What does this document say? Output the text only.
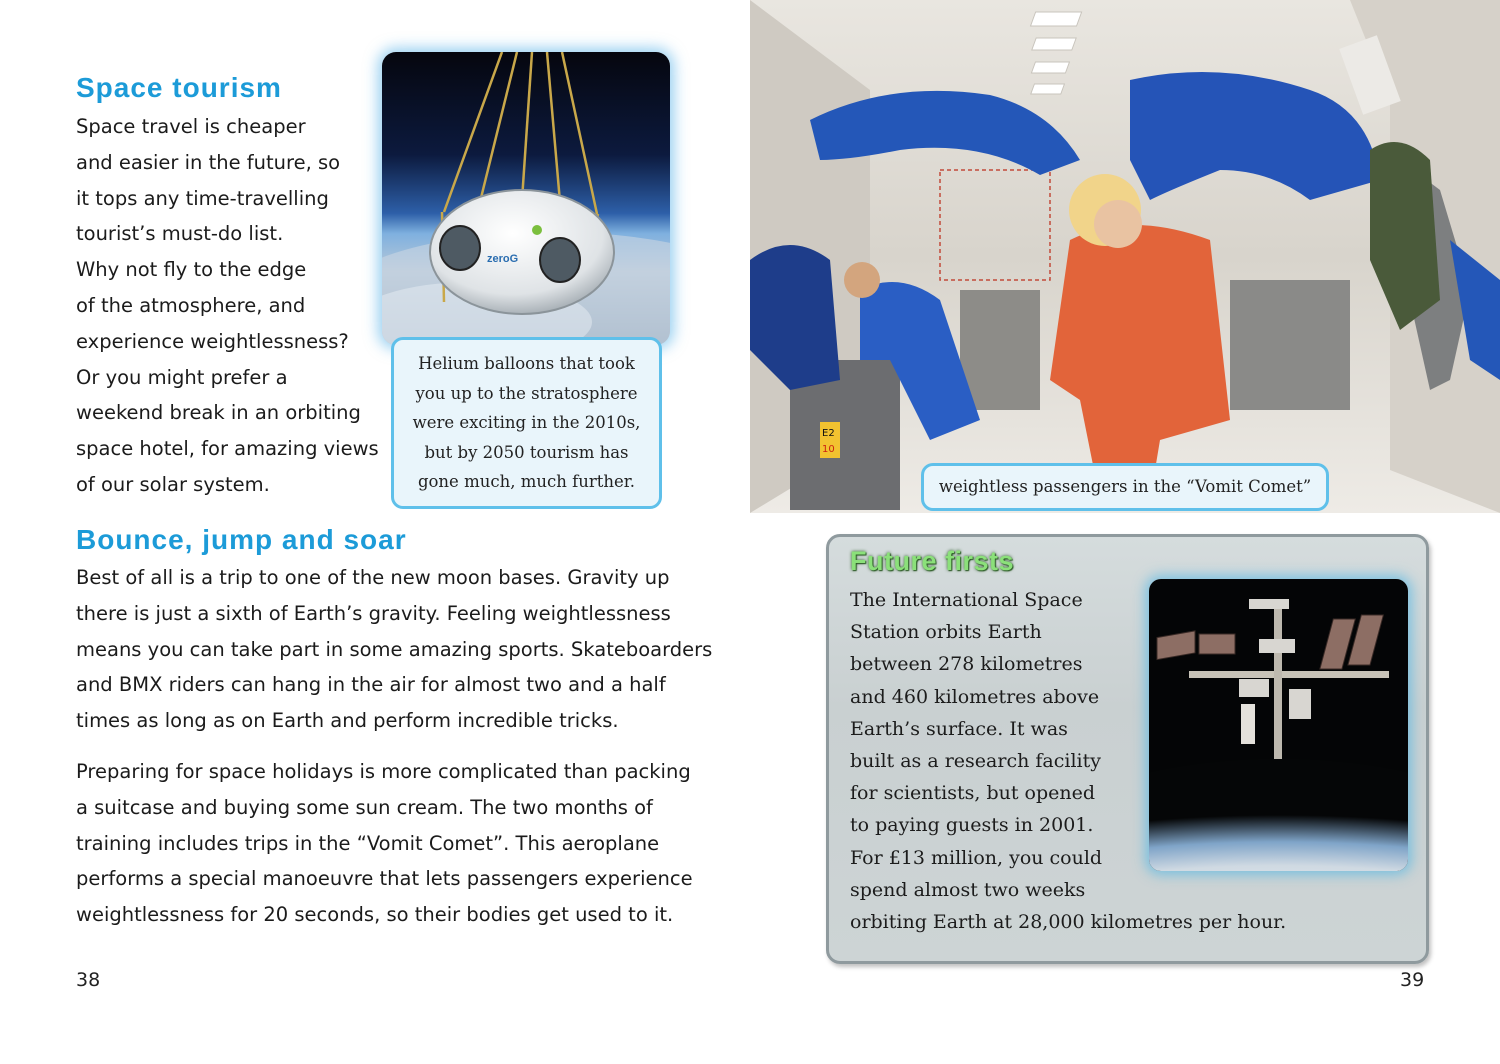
Space tourism
Space travel is cheaper
and easier in the future, so
it tops any time-travelling
tourist’s must-do list.
Why not fly to the edge
of the atmosphere, and
experience weightlessness?
Or you might prefer a
weekend break in an orbiting
space hotel, for amazing views
of our solar system.
zeroG
Helium balloons that took
you up to the stratosphere
were exciting in the 2010s,
but by 2050 tourism has
gone much, much further.
Bounce, jump and soar
Best of all is a trip to one of the new moon bases. Gravity up
there is just a sixth of Earth’s gravity. Feeling weightlessness
means you can take part in some amazing sports. Skateboarders
and BMX riders can hang in the air for almost two and a half
times as long as on Earth and perform incredible tricks.
Preparing for space holidays is more complicated than packing
a suitcase and buying some sun cream. The two months of
training includes trips in the “Vomit Comet”. This aeroplane
performs a special manoeuvre that lets passengers experience
weightlessness for 20 seconds, so their bodies get used to it.
38
E2
10
weightless passengers in the “Vomit Comet”
Future firsts
The International Space
Station orbits Earth
between 278 kilometres
and 460 kilometres above
Earth’s surface. It was
built as a research facility
for scientists, but opened
to paying guests in 2001.
For £13 million, you could
spend almost two weeks
orbiting Earth at 28,000 kilometres per hour.
39
